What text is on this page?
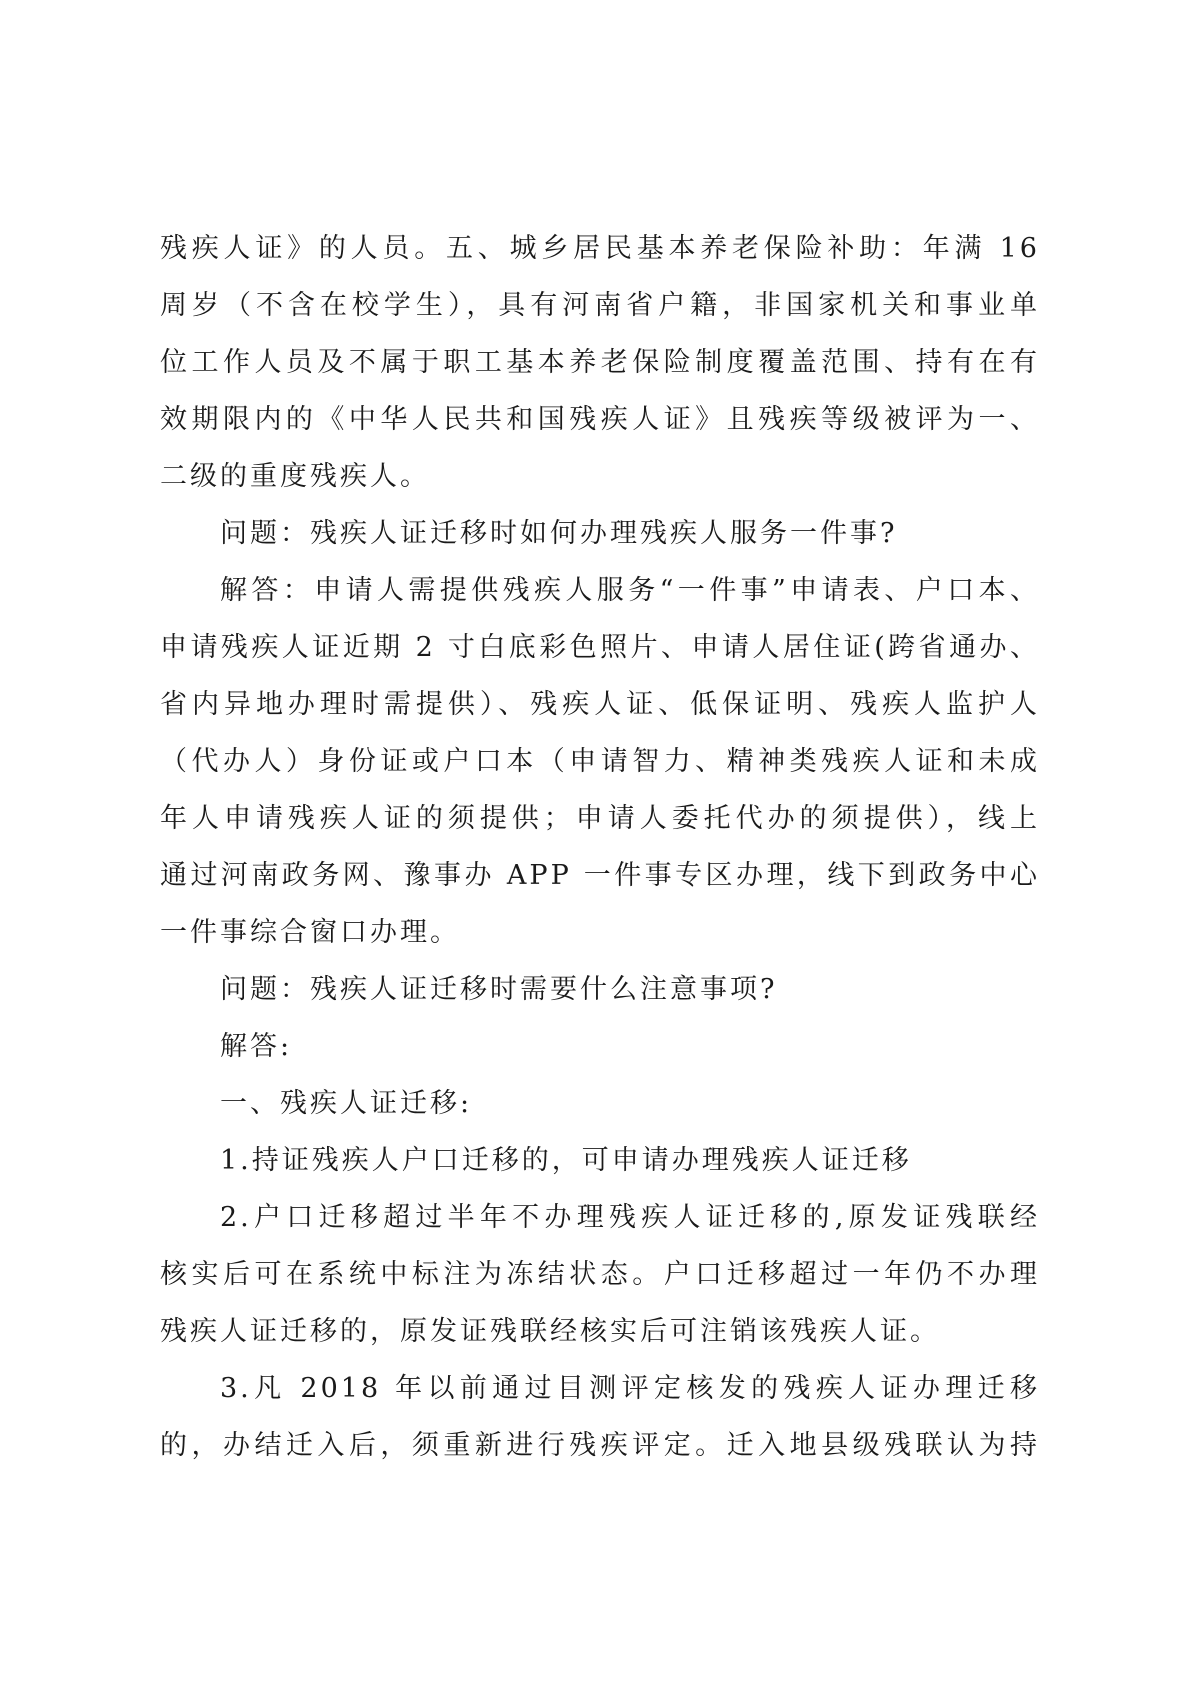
残疾人证》的人员。五、城乡居民基本养老保险补助：年满 16
周岁（不含在校学生），具有河南省户籍，非国家机关和事业单
位工作人员及不属于职工基本养老保险制度覆盖范围、持有在有
效期限内的《中华人民共和国残疾人证》且残疾等级被评为一、
二级的重度残疾人。
问题：残疾人证迁移时如何办理残疾人服务一件事?
解答：申请人需提供残疾人服务“一件事”申请表、户口本、
申请残疾人证近期 2 寸白底彩色照片、申请人居住证(跨省通办、
省内异地办理时需提供）、残疾人证、低保证明、残疾人监护人
（代办人）身份证或户口本（申请智力、精神类残疾人证和未成
年人申请残疾人证的须提供；申请人委托代办的须提供），线上
通过河南政务网、豫事办 APP 一件事专区办理，线下到政务中心
一件事综合窗口办理。
问题：残疾人证迁移时需要什么注意事项?
解答:
一、残疾人证迁移:
1.持证残疾人户口迁移的，可申请办理残疾人证迁移
2.户口迁移超过半年不办理残疾人证迁移的,原发证残联经
核实后可在系统中标注为冻结状态。户口迁移超过一年仍不办理
残疾人证迁移的，原发证残联经核实后可注销该残疾人证。
3.凡 2018 年以前通过目测评定核发的残疾人证办理迁移
的，办结迁入后，须重新进行残疾评定。迁入地县级残联认为持
